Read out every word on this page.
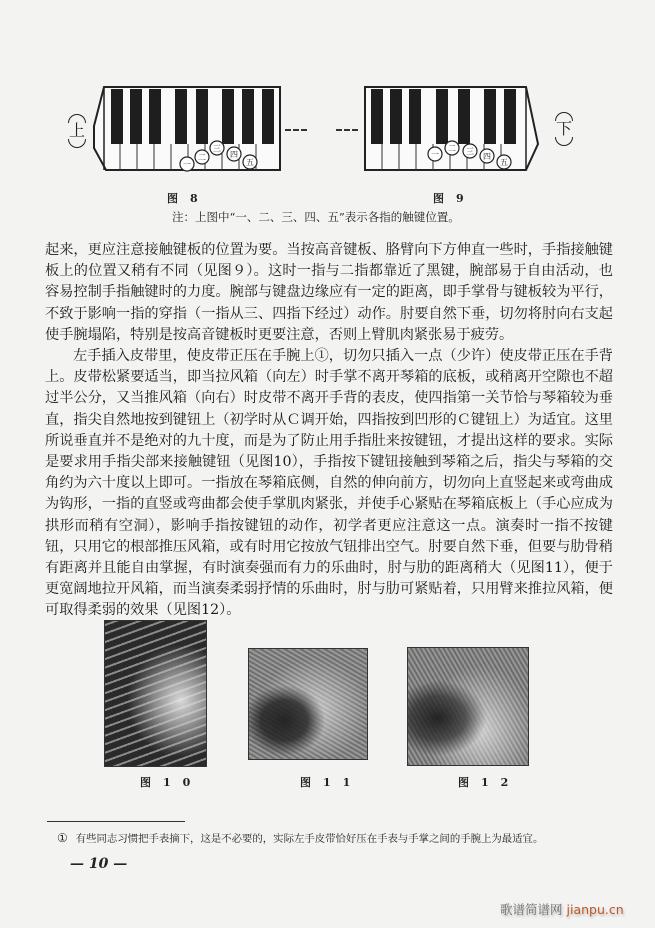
上
一
二
三
四
五
一
二 三
四
五
下
图8	图9
注：上图中“一、二、三、四、五”表示各指的触键位置。

起来，更应注意接触键板的位置为要。当按高音键板、胳臂向下方伸直一些时，手指接触键板上的位置又稍有不同（见图９）。这时一指与二指都靠近了黑键，腕部易于自由活动，也容易控制手指触键时的力度。腕部与键盘边缘应有一定的距离，即手掌骨与键板较为平行，不致于影响一指的穿指（一指从三、四指下经过）动作。肘要自然下垂，切勿将肘向右支起使手腕塌陷，特别是按高音键板时更要注意，否则上臂肌肉紧张易于疲劳。

左手插入皮带里，使皮带正压在手腕上①，切勿只插入一点（少许）使皮带正压在手背上。皮带松紧要适当，即当拉风箱（向左）时手掌不离开琴箱的底板，或稍离开空隙也不超过半公分，又当推风箱（向右）时皮带不离开手背的表皮，使四指第一关节恰与琴箱较为垂直，指尖自然地按到键钮上（初学时从Ｃ调开始，四指按到凹形的Ｃ键钮上）为适宜。这里所说垂直并不是绝对的九十度，而是为了防止用手指肚来按键钮，才提出这样的要求。实际是要求用手指尖部来接触键钮（见图10），手指按下键钮接触到琴箱之后，指尖与琴箱的交角约为六十度以上即可。一指放在琴箱底侧，自然的伸向前方，切勿向上直竖起来或弯曲成为钩形，一指的直竖或弯曲都会使手掌肌肉紧张，并使手心紧贴在琴箱底板上（手心应成为拱形而稍有空洞），影响手指按键钮的动作，初学者更应注意这一点。演奏时一指不按键钮，只用它的根部推压风箱，或有时用它按放气钮排出空气。肘要自然下垂，但要与肋骨稍有距离并且能自由掌握，有时演奏强而有力的乐曲时，肘与肋的距离稍大（见图11），便于更宽阔地拉开风箱，而当演奏柔弱抒情的乐曲时，肘与肋可紧贴着，只用臂来推拉风箱，便可取得柔弱的效果（见图12）。

图10	图11	图12
① 有些同志习惯把手表摘下，这是不必要的，实际左手皮带恰好压在手表与手掌之间的手腕上为最适宜。
— 10 —
歌谱简谱网 jianpu.cn
